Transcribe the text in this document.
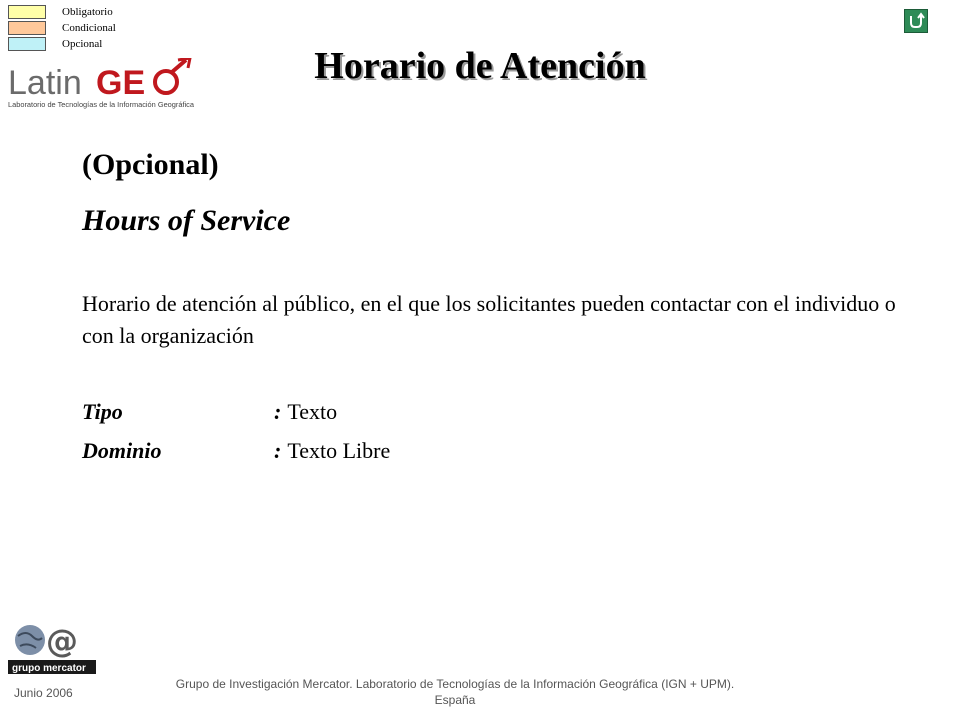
Obligatorio
Condicional
Opcional
Latin GE
Laboratorio de Tecnologías de la Información Geográfica
Horario de Atención
(Opcional)
Hours of Service
Horario de atención al público, en el que los solicitantes pueden contactar con el individuo o con la organización
Tipo	: Texto
Dominio	: Texto Libre
@
grupo mercator
Junio 2006
Grupo de Investigación Mercator. Laboratorio de Tecnologías de la Información Geográfica (IGN + UPM).
España
